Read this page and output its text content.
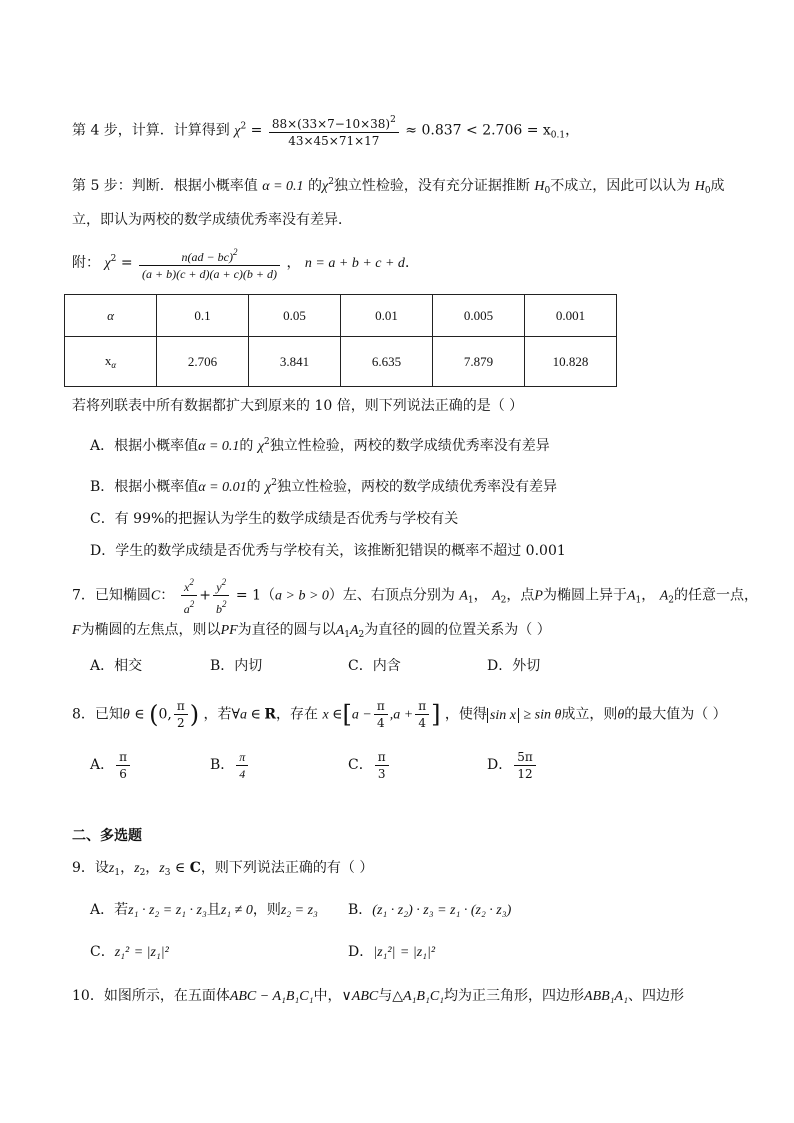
第 4 步，计算．计算得到 $\chi^2 = \frac{88\times(33\times 7-10\times 38)^2}{43\times 45\times 71\times 17} \approx 0.837 < 2.706 = x_{0.1}$，
第 5 步：判断．根据小概率值 α = 0.1 的$\chi^2$独立性检验，没有充分证据推断 $H_0$不成立，因此可以认为 $H_0$成
立，即认为两校的数学成绩优秀率没有差异．
附： $\chi^2 = \frac{n(ad - bc)^2}{(a + b)(c + d)(a + c)(b + d)}$ ， n = a + b + c + d．
α	0.1	0.05	0.01	0.005	0.001
$x_\alpha$	2.706	3.841	6.635	7.879	10.828
若将列联表中所有数据都扩大到原来的 10 倍，则下列说法正确的是（ ）
A．根据小概率值α = 0.1的 $\chi^2$独立性检验，两校的数学成绩优秀率没有差异
B．根据小概率值α = 0.01的 $\chi^2$独立性检验，两校的数学成绩优秀率没有差异
C．有 99%的把握认为学生的数学成绩是否优秀与学校有关
D．学生的数学成绩是否优秀与学校有关，该推断犯错误的概率不超过 0.001
7．已知椭圆C： $\frac{x^2}{a^2} + \frac{y^2}{b^2} = 1(a > b > 0)$左、右顶点分别为 $A_1$， $A_2$，点P为椭圆上异于$A_1$， $A_2$的任意一点，
F为椭圆的左焦点，则以PF为直径的圆与以$A_1A_2$为直径的圆的位置关系为（ ）
A．相交	B．内切	C．内含	D．外切
8．已知θ ∈ (0, $\frac{\pi}{2}$ ) ，若∀a ∈ R，存在 x ∈[a − $\frac{\pi}{4} ,a + \frac{\pi}{4}$ ] ，使得 sin x ≥ sin θ成立，则θ的最大值为（ ）
A． $\frac{\pi}{6}$	B． $\frac{\pi}{4}$	C． $\frac{\pi}{3}$	D． $\frac{5\pi}{12}$
二、多选题
9．设$z_1$，$z_2$，$z_3$ ∈ C，则下列说法正确的有（ ）
A．若z₁ · z₂ = z₁ · z₃且z₁ ≠ 0，则z₂ = z₃ B．(z₁ · z₂) · z₃ = z₁ · (z₂ · z₃)
C．z₁² = |z₁|²	D．|z₁²| = |z₁|²
10．如图所示，在五面体ABC − A₁B₁C₁中，∨ABC与△A₁B₁C₁均为正三角形，四边形ABB₁A₁、四边形
